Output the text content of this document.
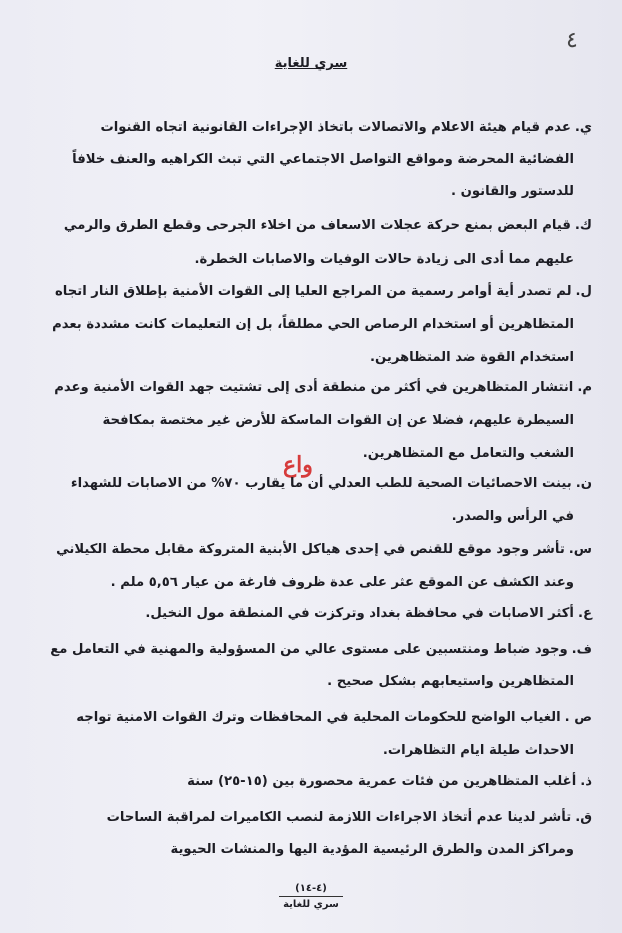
٤
سري للغاية
ي.عدم قيام هيئة الاعلام والاتصالات باتخاذ الإجراءات القانونية اتجاه القنوات
الفضائية المحرضة ومواقع التواصل الاجتماعي التي تبث الكراهيه والعنف خلافاً
للدستور والقانون .
ك.قيام البعض بمنع حركة عجلات الاسعاف من اخلاء الجرحى وقطع الطرق والرمي
عليهم مما أدى الى زيادة حالات الوفيات والاصابات الخطرة.
ل.لم تصدر أية أوامر رسمية من المراجع العليا إلى القوات الأمنية بإطلاق النار اتجاه
المتظاهرين أو استخدام الرصاص الحي مطلقاً، بل إن التعليمات كانت مشددة بعدم
استخدام القوة ضد المتظاهرين.
م.انتشار المتظاهرين في أكثر من منطقة أدى إلى تشتيت جهد القوات الأمنية وعدم
السيطرة عليهم، فضلا عن إن القوات الماسكة للأرض غير مختصة بمكافحة
الشغب والتعامل مع المتظاهرين.
واع
ن.بينت الاحصائيات الصحية للطب العدلي أن ما يقارب ٧٠% من الاصابات للشهداء
في الرأس والصدر.
س.تأشر وجود موقع للقنص في إحدى هياكل الأبنية المتروكة مقابل محطة الكيلاني
وعند الكشف عن الموقع عثر على عدة ظروف فارغة من عيار ٥,٥٦ ملم .
ع.أكثر الاصابات في محافظة بغداد وتركزت في المنطقة مول النخيل.
ف.وجود ضباط ومنتسبين على مستوى عالي من المسؤولية والمهنية في التعامل مع
المتظاهرين واستيعابهم بشكل صحيح .
ص .الغياب الواضح للحكومات المحلية في المحافظات وترك القوات الامنية تواجه
الاحداث طيلة ايام التظاهرات.
ذ.أغلب المتظاهرين من فئات عمرية محصورة بين (١٥-٢٥) سنة
ق.تأشر لدينا عدم أتخاذ الاجراءات اللازمة لنصب الكاميرات لمراقبة الساحات
ومراكز المدن والطرق الرئيسية المؤدية اليها والمنشات الحيوية
(٤-١٤)
سري للغاية
